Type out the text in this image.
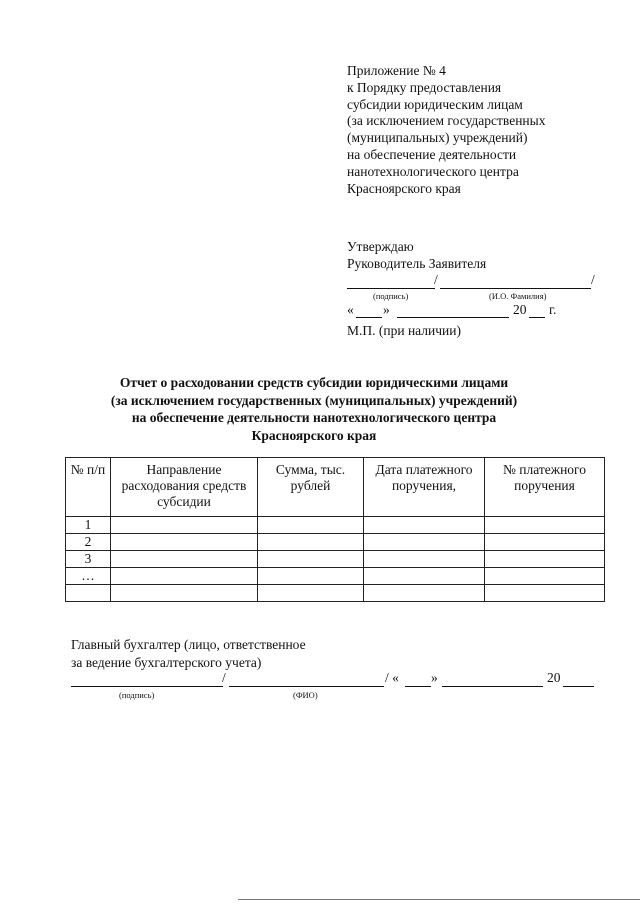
Приложение № 4
к Порядку предоставления
субсидии юридическим лицам
(за исключением государственных
(муниципальных) учреждений)
на обеспечение деятельности
нанотехнологического центра
Красноярского края
Утверждаю
Руководитель Заявителя
/	/
(подпись)	(И.О. Фамилия)
« »	20 г.
М.П. (при наличии)
Отчет о расходовании средств субсидии юридическими лицами
(за исключением государственных (муниципальных) учреждений)
на обеспечение деятельности нанотехнологического центра
Красноярского края
№ п/п	Направление расходования средств субсидии	Сумма, тыс. рублей	Дата платежного поручения,	№ платежного поручения
1				
2				
3				
…				

Главный бухгалтер (лицо, ответственное
за ведение бухгалтерского учета)
/	/ « »	20
(подпись)	(ФИО)
